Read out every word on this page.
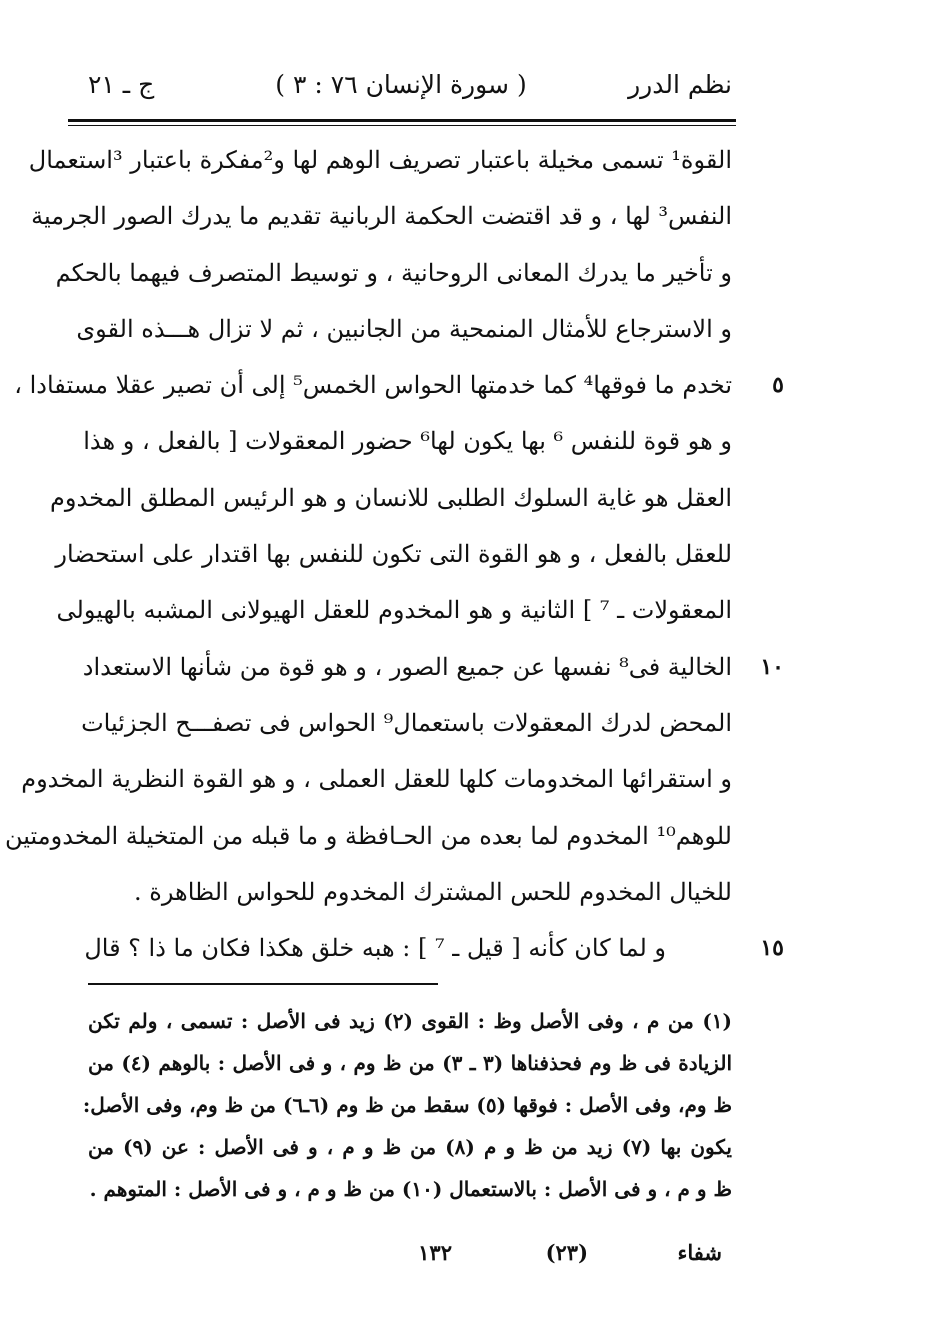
نظم الدرر
( سورة الإنسان ٧٦ : ٣ )
ج ـ ٢١
القوة¹ تسمى مخيلة باعتبار تصريف الوهم لها و²مفكرة باعتبار ³استعمال
النفس³ لها ، و قد اقتضت الحكمة الربانية تقديم ما يدرك الصور الجرمية
و تأخير ما يدرك المعانى الروحانية ، و توسيط المتصرف فيهما بالحكم
و الاسترجاع للأمثال المنمحية من الجانبين ، ثم لا تزال هـــذه القوى
تخدم ما فوقها⁴ كما خدمتها الحواس الخمس⁵ إلى أن تصير عقلا مستفادا ، ٥
و هو قوة للنفس ⁶ بها يكون لها⁶ حضور المعقولات [ بالفعل ، و هذا
العقل هو غاية السلوك الطلبى للانسان و هو الرئيس المطلق المخدوم
للعقل بالفعل ، و هو القوة التى تكون للنفس بها اقتدار على استحضار
المعقولات ـ ⁷ ] الثانية و هو المخدوم للعقل الهيولانى المشبه بالهيولى
الخالية فى⁸ نفسها عن جميع الصور ، و هو قوة من شأنها الاستعداد ١٠
المحض لدرك المعقولات باستعمال⁹ الحواس فى تصفـــح الجزئيات
و استقرائها المخدومات كلها للعقل العملى ، و هو القوة النظرية المخدوم
للوهم¹⁰ المخدوم لما بعده من الحـافظة و ما قبله من المتخيلة المخدومتين
للخيال المخدوم للحس المشترك المخدوم للحواس الظاهرة .
و لما كان كأنه [ قيل ـ ⁷ ] : هبه خلق هكذا فكان ما ذا ؟ قال	١٥
(١) من م ، وفى الأصل وظ : القوى (٢) زيد فى الأصل : تسمى ، ولم تكن
الزيادة فى ظ وم فحذفناها (٣ ـ ٣) من ظ وم ، و فى الأصل : بالوهم (٤) من
ظ وم، وفى الأصل : فوقها (٥) سقط من ظ وم (٦ـ٦) من ظ وم، وفى الأصل:
يكون بها (٧) زيد من ظ و م (٨) من ظ و م ، و فى الأصل : عن (٩) من
ظ و م ، و فى الأصل : بالاستعمال (١٠) من ظ و م ، و فى الأصل : المتوهم .
شفاء
(٢٣)
١٣٢
